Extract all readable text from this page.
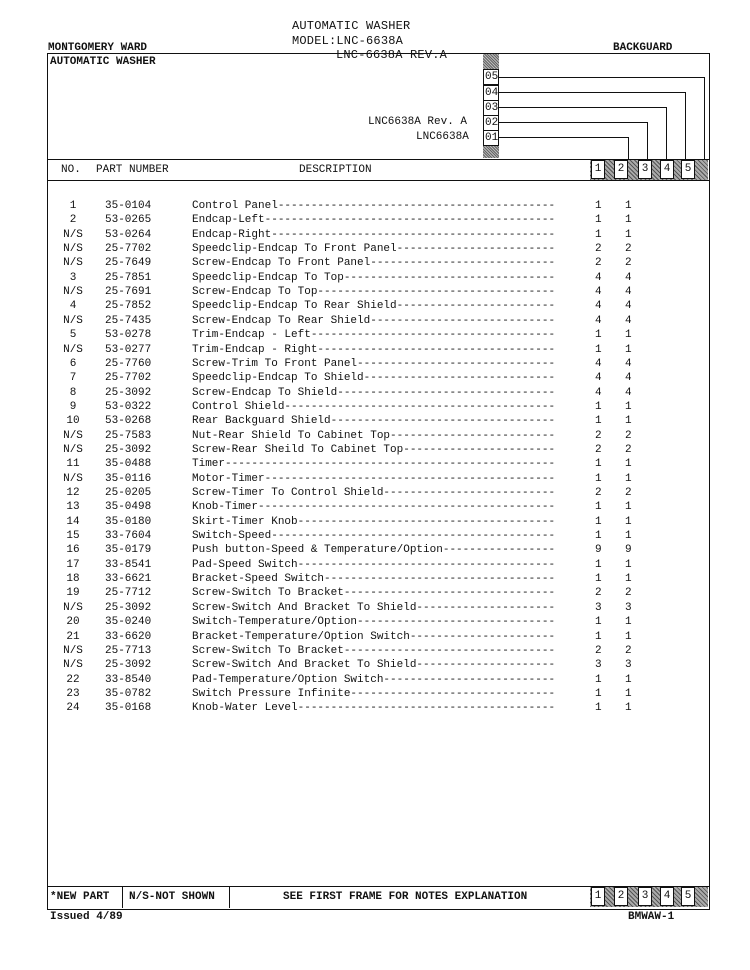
AUTOMATIC WASHER
MODEL:LNC-6638A
LNC-6638A REV.A
MONTGOMERY WARD	BACKGUARD
AUTOMATIC WASHER
LNC6638A Rev. A
LNC6638A
05
04
03
02
01
NO. PART NUMBER	DESCRIPTION	1	2	3	4	5
1	35-0104	Control Panel------------------------------------------	1 1
2	53-0265	Endcap-Left--------------------------------------------	1 1
N/S	53-0264	Endcap-Right-------------------------------------------	1 1
N/S	25-7702	Speedclip-Endcap To Front Panel------------------------	2 2
N/S	25-7649	Screw-Endcap To Front Panel----------------------------	2 2
3	25-7851	Speedclip-Endcap To Top--------------------------------	4 4
N/S	25-7691	Screw-Endcap To Top------------------------------------	4 4
4	25-7852	Speedclip-Endcap To Rear Shield------------------------	4 4
N/S	25-7435	Screw-Endcap To Rear Shield----------------------------	4 4
5	53-0278	Trim-Endcap - Left-------------------------------------	1 1
N/S	53-0277	Trim-Endcap - Right------------------------------------	1 1
6	25-7760	Screw-Trim To Front Panel------------------------------	4 4
7	25-7702	Speedclip-Endcap To Shield-----------------------------	4 4
8	25-3092	Screw-Endcap To Shield---------------------------------	4 4
9	53-0322	Control Shield-----------------------------------------	1 1
10	53-0268	Rear Backguard Shield----------------------------------	1 1
N/S	25-7583	Nut-Rear Shield To Cabinet Top-------------------------	2 2
N/S	25-3092	Screw-Rear Sheild To Cabinet Top-----------------------	2 2
11	35-0488	Timer--------------------------------------------------	1 1
N/S	35-0116	Motor-Timer--------------------------------------------	1 1
12	25-0205	Screw-Timer To Control Shield--------------------------	2 2
13	35-0498	Knob-Timer---------------------------------------------	1 1
14	35-0180	Skirt-Timer Knob---------------------------------------	1 1
15	33-7604	Switch-Speed-------------------------------------------	1 1
16	35-0179	Push button-Speed & Temperature/Option-----------------	9 9
17	33-8541	Pad-Speed Switch---------------------------------------	1 1
18	33-6621	Bracket-Speed Switch-----------------------------------	1 1
19	25-7712	Screw-Switch To Bracket--------------------------------	2 2
N/S	25-3092	Screw-Switch And Bracket To Shield---------------------	3 3
20	35-0240	Switch-Temperature/Option------------------------------	1 1
21	33-6620	Bracket-Temperature/Option Switch----------------------	1 1
N/S	25-7713	Screw-Switch To Bracket--------------------------------	2 2
N/S	25-3092	Screw-Switch And Bracket To Shield---------------------	3 3
22	33-8540	Pad-Temperature/Option Switch--------------------------	1 1
23	35-0782	Switch Pressure Infinite-------------------------------	1 1
24	35-0168	Knob-Water Level---------------------------------------	1 1
*NEW PART N/S-NOT SHOWN	SEE FIRST FRAME FOR NOTES EXPLANATION	1	2	3	4	5
Issued 4/89	BMWAW-1
